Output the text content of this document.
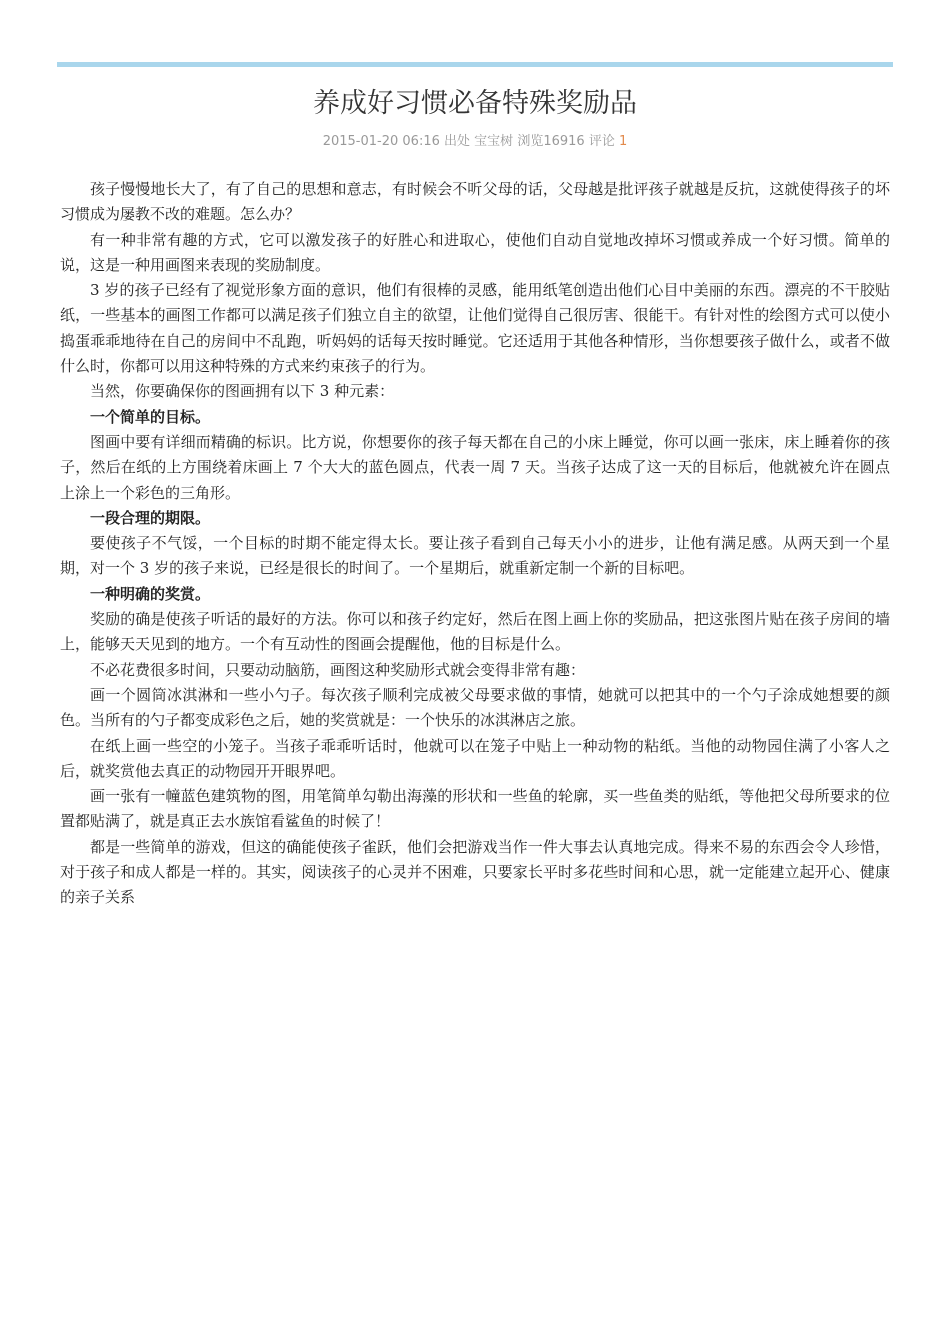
养成好习惯必备特殊奖励品
2015-01-20 06:16 出处 宝宝树 浏览16916 评论 1

孩子慢慢地长大了，有了自己的思想和意志，有时候会不听父母的话，父母越是批评孩子就越是反抗，这就使得孩子的坏习惯成为屡教不改的难题。怎么办？

有一种非常有趣的方式，它可以激发孩子的好胜心和进取心，使他们自动自觉地改掉坏习惯或养成一个好习惯。简单的说，这是一种用画图来表现的奖励制度。

3 岁的孩子已经有了视觉形象方面的意识，他们有很棒的灵感，能用纸笔创造出他们心目中美丽的东西。漂亮的不干胶贴纸，一些基本的画图工作都可以满足孩子们独立自主的欲望，让他们觉得自己很厉害、很能干。有针对性的绘图方式可以使小捣蛋乖乖地待在自己的房间中不乱跑，听妈妈的话每天按时睡觉。它还适用于其他各种情形，当你想要孩子做什么，或者不做什么时，你都可以用这种特殊的方式来约束孩子的行为。

当然，你要确保你的图画拥有以下 3 种元素：

一个简单的目标。

图画中要有详细而精确的标识。比方说，你想要你的孩子每天都在自己的小床上睡觉，你可以画一张床，床上睡着你的孩子，然后在纸的上方围绕着床画上 7 个大大的蓝色圆点，代表一周 7 天。当孩子达成了这一天的目标后，他就被允许在圆点上涂上一个彩色的三角形。

一段合理的期限。

要使孩子不气馁，一个目标的时期不能定得太长。要让孩子看到自己每天小小的进步，让他有满足感。从两天到一个星期，对一个 3 岁的孩子来说，已经是很长的时间了。一个星期后，就重新定制一个新的目标吧。

一种明确的奖赏。

奖励的确是使孩子听话的最好的方法。你可以和孩子约定好，然后在图上画上你的奖励品，把这张图片贴在孩子房间的墙上，能够天天见到的地方。一个有互动性的图画会提醒他，他的目标是什么。

不必花费很多时间，只要动动脑筋，画图这种奖励形式就会变得非常有趣：

画一个圆筒冰淇淋和一些小勺子。每次孩子顺利完成被父母要求做的事情，她就可以把其中的一个勺子涂成她想要的颜色。当所有的勺子都变成彩色之后，她的奖赏就是：一个快乐的冰淇淋店之旅。

在纸上画一些空的小笼子。当孩子乖乖听话时，他就可以在笼子中贴上一种动物的粘纸。当他的动物园住满了小客人之后，就奖赏他去真正的动物园开开眼界吧。

画一张有一幢蓝色建筑物的图，用笔简单勾勒出海藻的形状和一些鱼的轮廓，买一些鱼类的贴纸，等他把父母所要求的位置都贴满了，就是真正去水族馆看鲨鱼的时候了！

都是一些简单的游戏，但这的确能使孩子雀跃，他们会把游戏当作一件大事去认真地完成。得来不易的东西会令人珍惜，对于孩子和成人都是一样的。其实，阅读孩子的心灵并不困难，只要家长平时多花些时间和心思，就一定能建立起开心、健康的亲子关系
